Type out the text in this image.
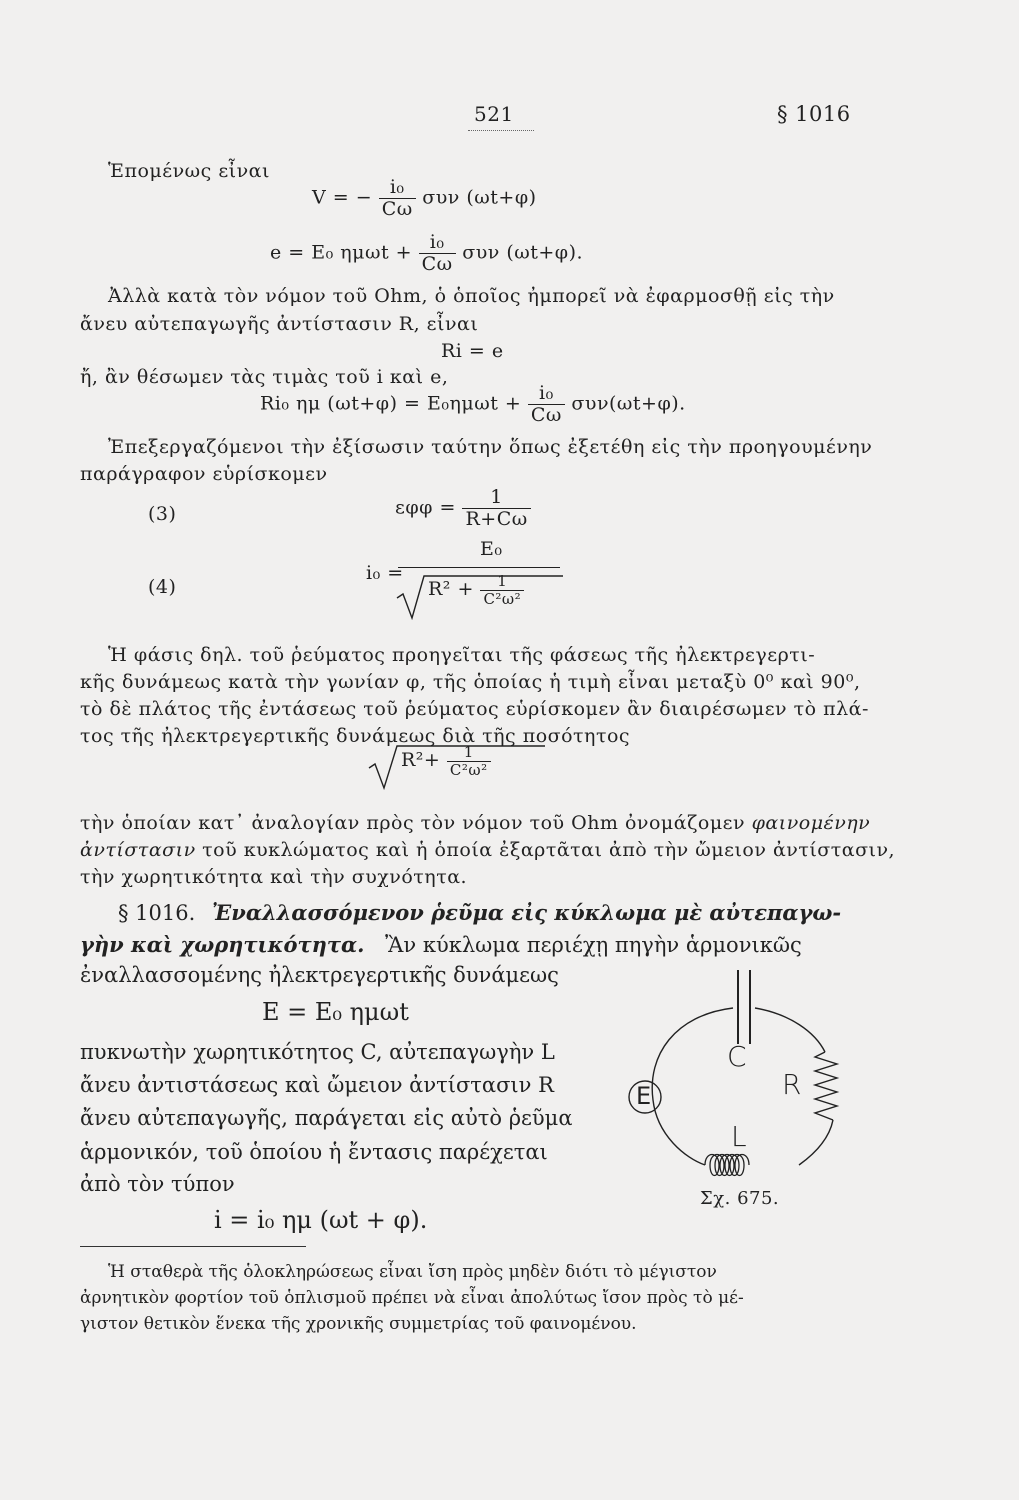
521	§ 1016
Ἑπομένως εἶναι
V = − $\frac{\text{i₀}}{C\omega}$ συν (ωt+φ)
e = E₀ $\eta\mu\omega t + \frac{\text{i₀}}{C\omega}$ συν (ωt+φ).
Ἀλλὰ κατὰ τὸν νόμον τοῦ Ohm, ὁ ὁποῖος ἠμπορεῖ νὰ ἐφαρμοσθῇ εἰς τὴν
ἄνευ αὐτεπαγωγῆς ἀντίστασιν R, εἶναι
Ri = e
ἤ, ἂν θέσωμεν τὰς τιμὰς τοῦ i καὶ e,
Ri₀ ημ $(\omega t+\varphi) = E_0\eta\mu\omega t + \frac{\text{i₀}}{C\omega} \sigma\upsilon\nu(\omega t+\varphi)$.
Ἐπεξεργαζόμενοι τὴν ἐξίσωσιν ταύτην ὅπως ἐξετέθη εἰς τὴν προηγουμένην
παράγραφον εὑρίσκομεν
(3)	$\varepsilon\varphi\varphi = \frac{1}{R+C\omega}$
(4)
i₀ =
E₀
$R^2 + \frac{1}{\text{C²ω²}}$
Ἡ φάσις δηλ. τοῦ ῥεύματος προηγεῖται τῆς φάσεως τῆς ἠλεκτρεγερτι-
κῆς δυνάμεως κατὰ τὴν γωνίαν φ, τῆς ὁποίας ἡ τιμὴ εἶναι μεταξὺ 0⁰ καὶ 90⁰,
τὸ δὲ πλάτος τῆς ἐντάσεως τοῦ ῥεύματος εὑρίσκομεν ἂν διαιρέσωμεν τὸ πλά-
τος τῆς ἠλεκτρεγερτικῆς δυνάμεως διὰ τῆς ποσότητος
$R^2+ \frac{1}{\text{C²ω²}}$
τὴν ὁποίαν κατ᾽ ἀναλογίαν πρὸς τὸν νόμον τοῦ Ohm ὀνομάζομεν φαινομένην
ἀντίστασιν τοῦ κυκλώματος καὶ ἡ ὁποία ἐξαρτᾶται ἀπὸ τὴν ὤμειον ἀντίστασιν,
τὴν χωρητικότητα καὶ τὴν συχνότητα.
§ 1016. Ἐναλλασσόμενον ῥεῦμα εἰς κύκλωμα μὲ αὐτεπαγω-
γὴν καὶ χωρητικότητα. Ἂν κύκλωμα περιέχῃ πηγὴν ἁρμονικῶς
ἐναλλασσομένης ἠλεκτρεγερτικῆς δυνάμεως
E = E₀ ημωt
πυκνωτὴν χωρητικότητος C, αὐτεπαγωγὴν L
ἄνευ ἀντιστάσεως καὶ ὤμειον ἀντίστασιν R
ἄνευ αὐτεπαγωγῆς, παράγεται εἰς αὐτὸ ῥεῦμα
ἁρμονικόν, τοῦ ὁποίου ἡ ἔντασις παρέχεται
ἀπὸ τὸν τύπον
i = i₀ ημ (ωt + φ).
C
R
E
L
Σχ. 675.
Ἡ σταθερὰ τῆς ὁλοκληρώσεως εἶναι ἴση πρὸς μηδὲν διότι τὸ μέγιστον
ἀρνητικὸν φορτίον τοῦ ὁπλισμοῦ πρέπει νὰ εἶναι ἀπολύτως ἴσον πρὸς τὸ μέ-
γιστον θετικὸν ἕνεκα τῆς χρονικῆς συμμετρίας τοῦ φαινομένου.
